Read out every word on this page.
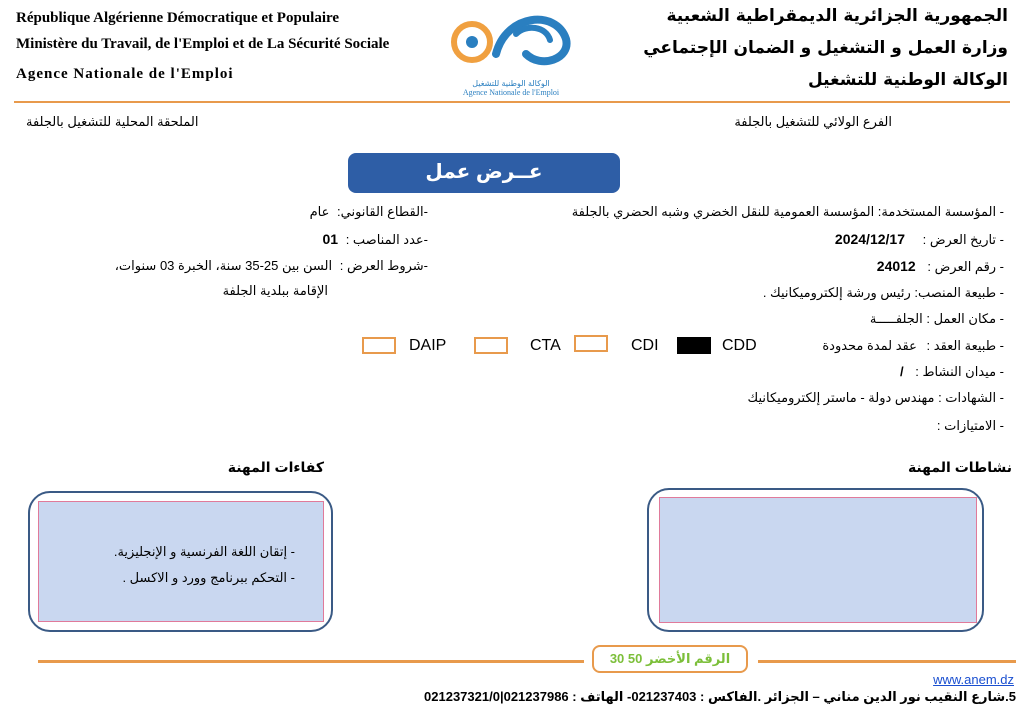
République Algérienne Démocratique et Populaire
Ministère du Travail, de l'Emploi et de La Sécurité Sociale
Agence Nationale de l'Emploi
الوكالة الوطنية للتشغيل
Agence Nationale de l'Emploi
الجمهورية الجزائرية الديمقراطية الشعبية
وزارة العمل و التشغيل و الضمان الإجتماعي
الوكالة الوطنية للتشغيل
الفرع الولائي للتشغيل بالجلفة
الملحقة المحلية للتشغيل بالجلفة
عــرض عمل
- المؤسسة المستخدمة: المؤسسة العمومية للنقل الخضري وشبه الحضري بالجلفة
- تاريخ العرض : 2024/12/17
- رقم العرض : 24012
- طبيعة المنصب: رئيس ورشة إلكتروميكانيك .
- مكان العمل : الجلفـــــة
- طبيعة العقد : عقد لمدة محدودة
- ميدان النشاط : /
- الشهادات : مهندس دولة - ماستر إلكتروميكانيك
- الامتيازات :
-القطاع القانوني: عام
-عدد المناصب : 01
-شروط العرض : السن بين 25-35 سنة، الخبرة 03 سنوات،
الإقامة ببلدية الجلفة
CDD
CDI
CTA
DAIP
نشاطات المهنة
كفاءات المهنة
- إتقان اللغة الفرنسية و الإنجليزية.
- التحكم ببرنامج وورد و الاكسل .
الرقم الأخضر 50 30
www.anem.dz
5.شارع النقيب نور الدين مناني – الجزائر .الفاكس : 021237403- الهاتف : 021237986|021237321/0
